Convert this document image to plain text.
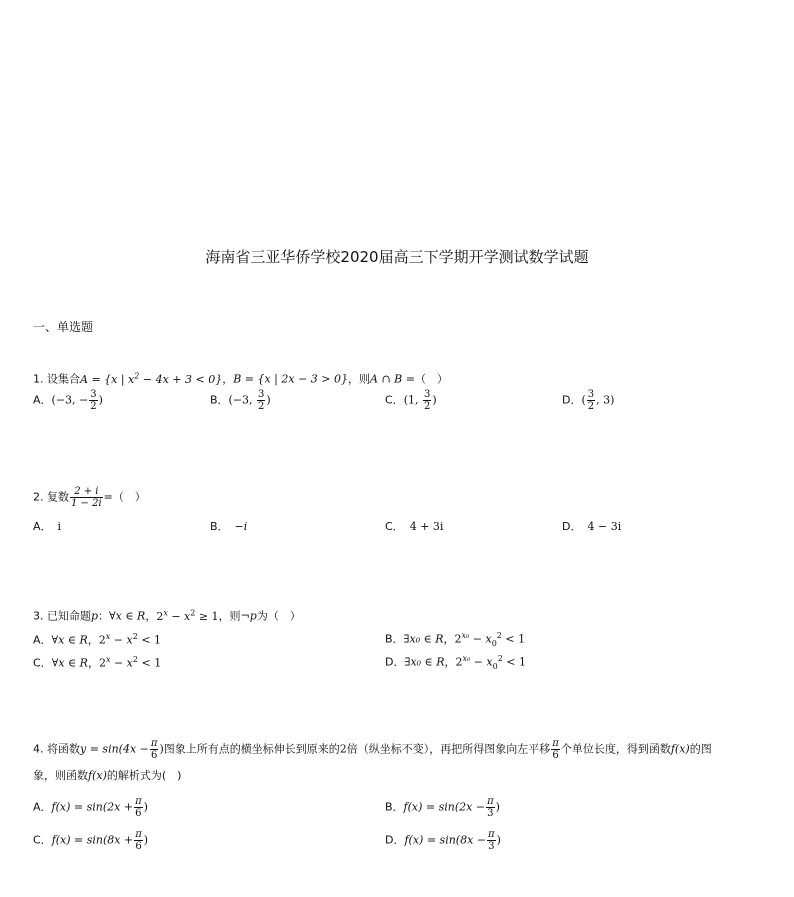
海南省三亚华侨学校2020届高三下学期开学测试数学试题
一、单选题
1. 设集合A = {x | $x^2 - 4x + 3 < 0$}，B = {x | 2x − 3 > 0}，则A ∩ B =（　）
A．(−3, − $\frac{3}{2}$ )	B．(−3, $\frac{3}{2}$ )	C．(1, $\frac{3}{2}$ )	D．( $\frac{3}{2}$ , 3)
2. 复数 $\frac{2 + i}{1 - 2i}$ =（　）
A． i	B． −i	C． 4 + 3i	D． 4 − 3i
3. 已知命题p：∀x ∈ R，$2^x - x^2 \ge 1$，则¬p为（　）
A．∀x ∈ R，$2^x - x^2 < 1$	B．∃x₀ ∈ R，$2^{x_0} - x_0^2 < 1$
C．∀x ∈ R，$2^x - x^2 < 1$	D．∃x₀ ∈ R，$2^{x_0} - x_0^2 < 1$
4. 将函数$y = \sin(4x - \frac{\pi}{6}$ )图象上所有点的横坐标伸长到原来的2倍（纵坐标不变），再把所得图象向左平移 $\frac{\pi}{6}$ 个单位长度，得到函数f(x)的图
象，则函数f(x)的解析式为(　)
A．$f(x) = \sin(2x + \frac{\pi}{6}$ )	B．$f(x) = \sin(2x - \frac{\pi}{3}$ )
C．$f(x) = \sin(8x + \frac{\pi}{6}$ )	D．$f(x) = \sin(8x - \frac{\pi}{3}$ )
